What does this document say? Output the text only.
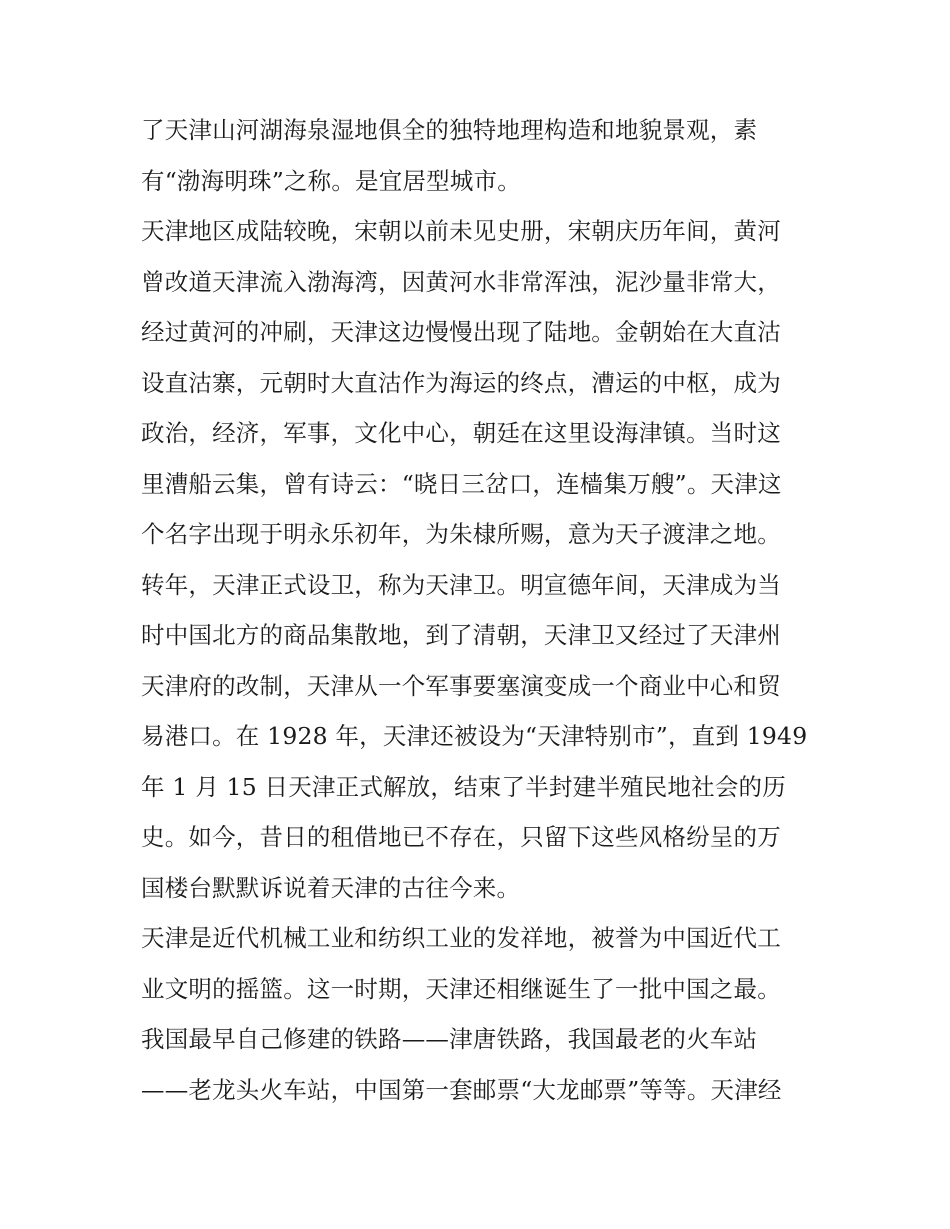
了天津山河湖海泉湿地俱全的独特地理构造和地貌景观，素
有“渤海明珠”之称。是宜居型城市。
天津地区成陆较晚，宋朝以前未见史册，宋朝庆历年间，黄河
曾改道天津流入渤海湾，因黄河水非常浑浊，泥沙量非常大，
经过黄河的冲刷，天津这边慢慢出现了陆地。金朝始在大直沽
设直沽寨，元朝时大直沽作为海运的终点，漕运的中枢，成为
政治，经济，军事，文化中心，朝廷在这里设海津镇。当时这
里漕船云集，曾有诗云：“晓日三岔口，连樯集万艘”。天津这
个名字出现于明永乐初年，为朱棣所赐，意为天子渡津之地。
转年，天津正式设卫，称为天津卫。明宣德年间，天津成为当
时中国北方的商品集散地，到了清朝，天津卫又经过了天津州
天津府的改制，天津从一个军事要塞演变成一个商业中心和贸
易港口。在 1928 年，天津还被设为“天津特别市”，直到 1949
年 1 月 15 日天津正式解放，结束了半封建半殖民地社会的历
史。如今，昔日的租借地已不存在，只留下这些风格纷呈的万
国楼台默默诉说着天津的古往今来。
天津是近代机械工业和纺织工业的发祥地，被誉为中国近代工
业文明的摇篮。这一时期，天津还相继诞生了一批中国之最。
我国最早自己修建的铁路——津唐铁路，我国最老的火车站
——老龙头火车站，中国第一套邮票“大龙邮票”等等。天津经
